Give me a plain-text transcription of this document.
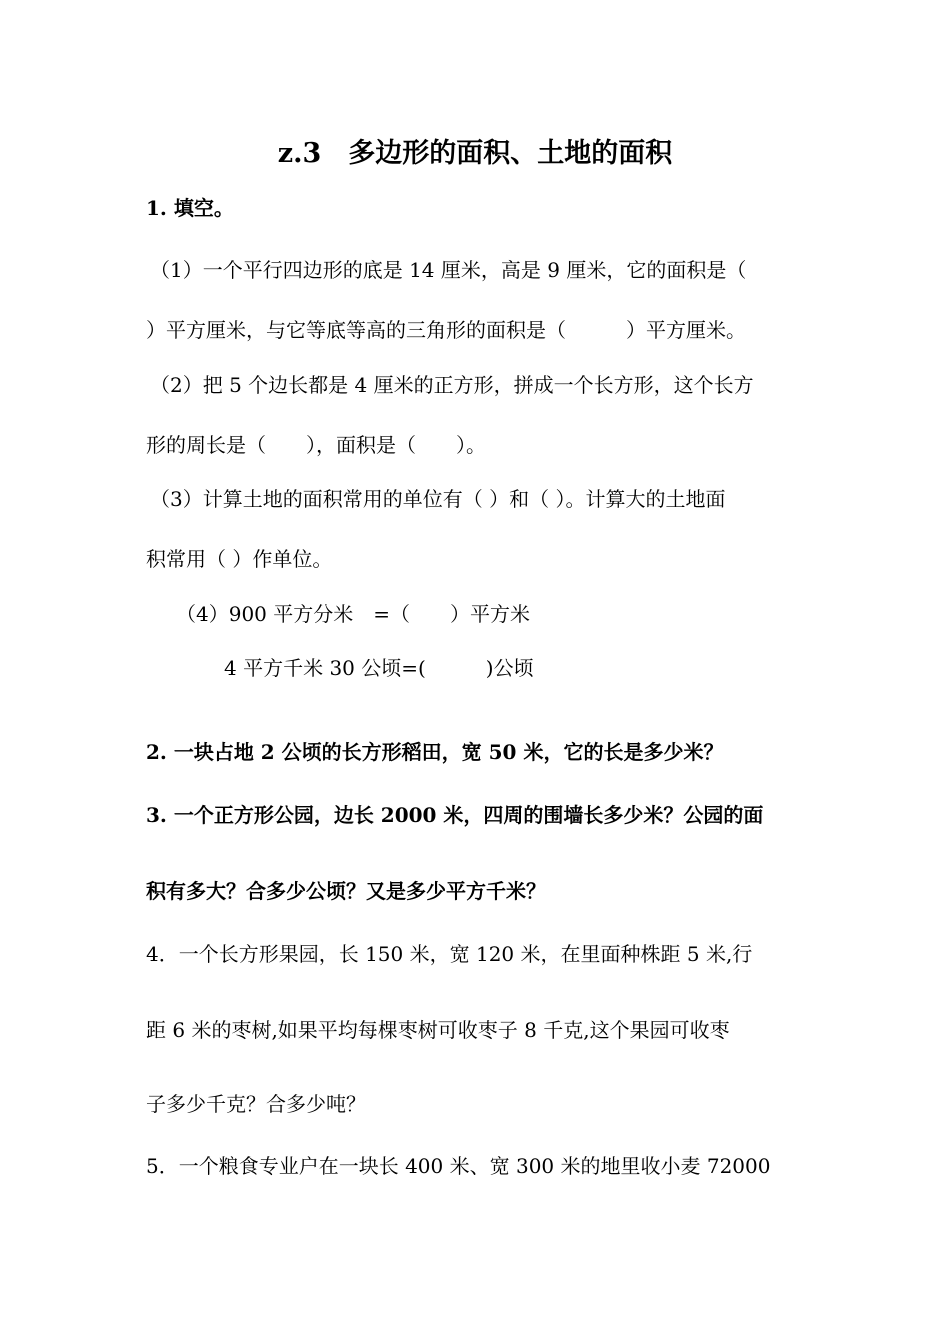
z.3　多边形的面积、土地的面积
1. 填空。
（1）一个平行四边形的底是 14 厘米，高是 9 厘米，它的面积是（
）平方厘米，与它等底等高的三角形的面积是（　　　）平方厘米。
（2）把 5 个边长都是 4 厘米的正方形，拼成一个长方形，这个长方
形的周长是（　　），面积是（　　）。
（3）计算土地的面积常用的单位有（ ）和（ ）。计算大的土地面
积常用（ ）作单位。
（4）900 平方分米　=（　　）平方米
4 平方千米 30 公顷=(　　　)公顷
2. 一块占地 2 公顷的长方形稻田，宽 50 米，它的长是多少米？
3. 一个正方形公园，边长 2000 米，四周的围墙长多少米？公园的面
积有多大？合多少公顷？又是多少平方千米？
4．一个长方形果园，长 150 米，宽 120 米，在里面种株距 5 米,行
距 6 米的枣树,如果平均每棵枣树可收枣子 8 千克,这个果园可收枣
子多少千克？合多少吨？
5．一个粮食专业户在一块长 400 米、宽 300 米的地里收小麦 72000
